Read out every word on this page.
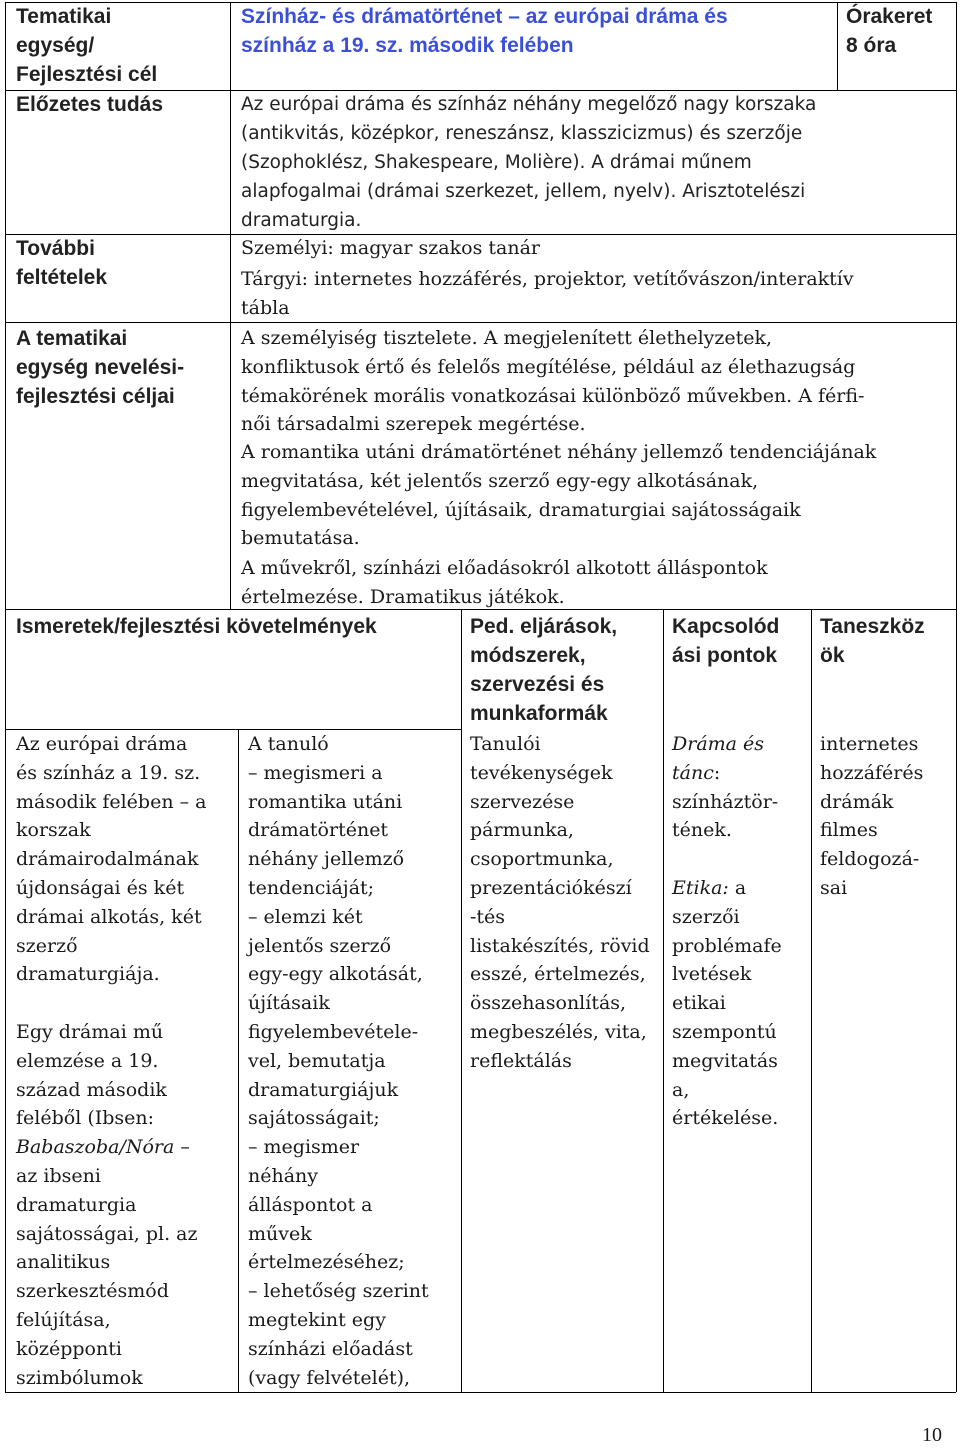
Tematikai
egység/
Fejlesztési cél
Színház- és drámatörténet – az európai dráma és
színház a 19. sz. második felében
Órakeret
8 óra
Előzetes tudás	Az európai dráma és színház néhány megelőző nagy korszaka
(antikvitás, középkor, reneszánsz, klasszicizmus) és szerzője
(Szophoklész, Shakespeare, Molière). A drámai műnem
alapfogalmai (drámai szerkezet, jellem, nyelv). Arisztotelészi
dramaturgia.
További
feltételek
Személyi: magyar szakos tanár
Tárgyi: internetes hozzáférés, projektor, vetítővászon/interaktív
tábla
A tematikai
egység nevelési-
fejlesztési céljai
A személyiség tisztelete. A megjelenített élethelyzetek,
konfliktusok értő és felelős megítélése, például az élethazugság
témakörének morális vonatkozásai különböző művekben. A férfi-
női társadalmi szerepek megértése.
A romantika utáni drámatörténet néhány jellemző tendenciájának
megvitatása, két jelentős szerző egy-egy alkotásának,
figyelembevételével, újításaik, dramaturgiai sajátosságaik
bemutatása.
A művekről, színházi előadásokról alkotott álláspontok
értelmezése. Dramatikus játékok.
Ismeretek/fejlesztési követelmények	Ped. eljárások,
módszerek,
szervezési és
munkaformák
Kapcsolód
ási pontok
Taneszköz
ök
Az európai dráma
és színház a 19. sz.
második felében – a
korszak
drámairodalmának
újdonságai és két
drámai alkotás, két
szerző
dramaturgiája.
Egy drámai mű
elemzése a 19.
század második
feléből (Ibsen:
Babaszoba/Nóra –
az ibseni
dramaturgia
sajátosságai, pl. az
analitikus
szerkesztésmód
felújítása,
középponti
szimbólumok
A tanuló
– megismeri a
romantika utáni
drámatörténet
néhány jellemző
tendenciáját;
– elemzi két
jelentős szerző
egy-egy alkotását,
újításaik
figyelembevétele-
vel, bemutatja
dramaturgiájuk
sajátosságait;
– megismer
néhány
álláspontot a
művek
értelmezéséhez;
– lehetőség szerint
megtekint egy
színházi előadást
(vagy felvételét),
Tanulói
tevékenységek
szervezése
pármunka,
csoportmunka,
prezentációkészí
-tés
listakészítés, rövid
esszé, értelmezés,
összehasonlítás,
megbeszélés, vita,
reflektálás
Dráma és
tánc:
színháztör-
tének.
Etika: a
szerzői
problémafe
lvetések
etikai
szempontú
megvitatás
a,
értékelése.
internetes
hozzáférés
drámák
filmes
feldogozá-
sai
10
